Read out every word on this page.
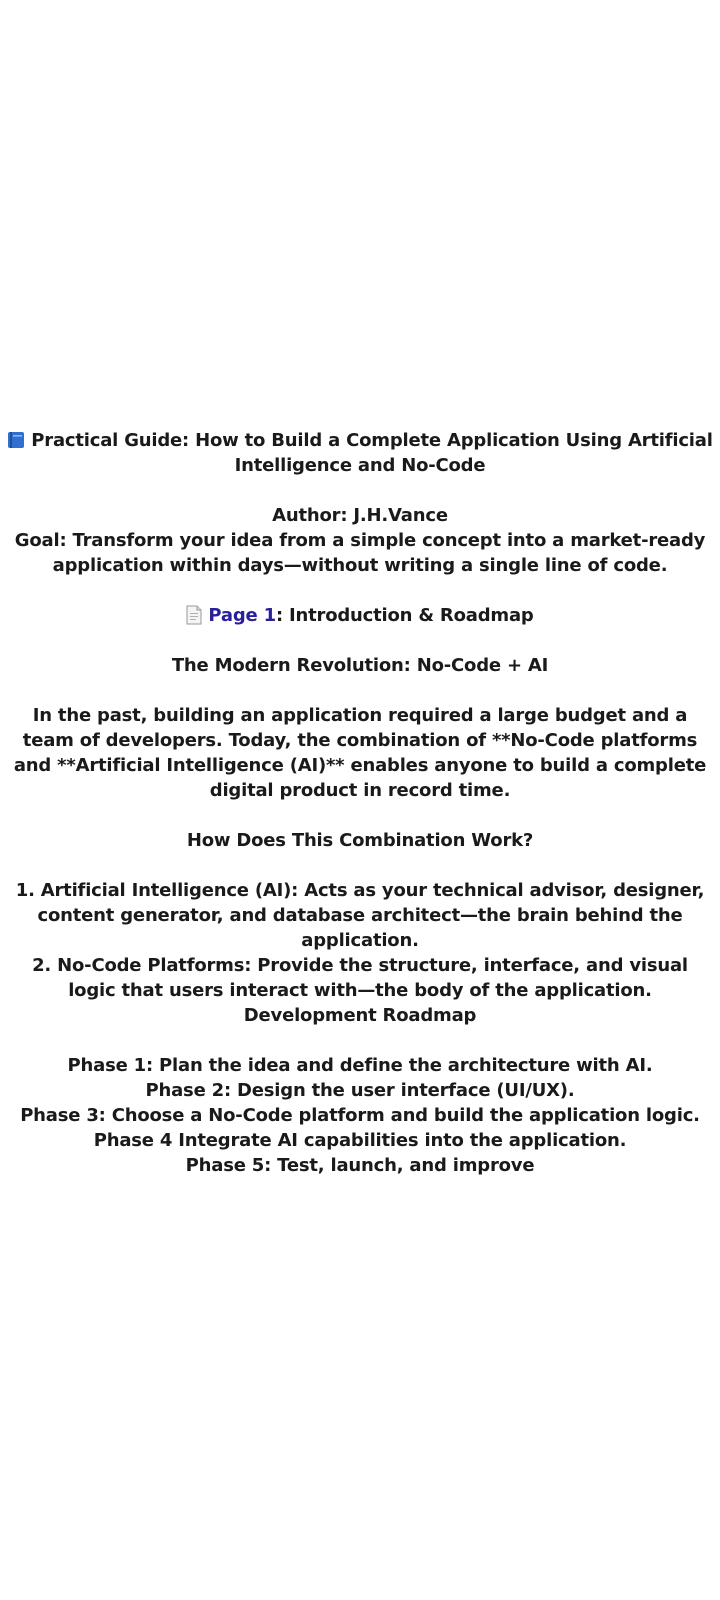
Practical Guide: How to Build a Complete Application Using Artificial Intelligence and No-Code
Author: J.H.Vance
Goal: Transform your idea from a simple concept into a market-ready application within days—without writing a single line of code.
Page 1: Introduction & Roadmap
The Modern Revolution: No-Code + AI
In the past, building an application required a large budget and a team of developers. Today, the combination of **No-Code platforms and **Artificial Intelligence (AI)** enables anyone to build a complete digital product in record time.
How Does This Combination Work?
1. Artificial Intelligence (AI): Acts as your technical advisor, designer, content generator, and database architect—the brain behind the application.
2. No-Code Platforms: Provide the structure, interface, and visual logic that users interact with—the body of the application.
Development Roadmap
Phase 1: Plan the idea and define the architecture with AI.
Phase 2: Design the user interface (UI/UX).
Phase 3: Choose a No-Code platform and build the application logic.
Phase 4 Integrate AI capabilities into the application.
Phase 5: Test, launch, and improve
